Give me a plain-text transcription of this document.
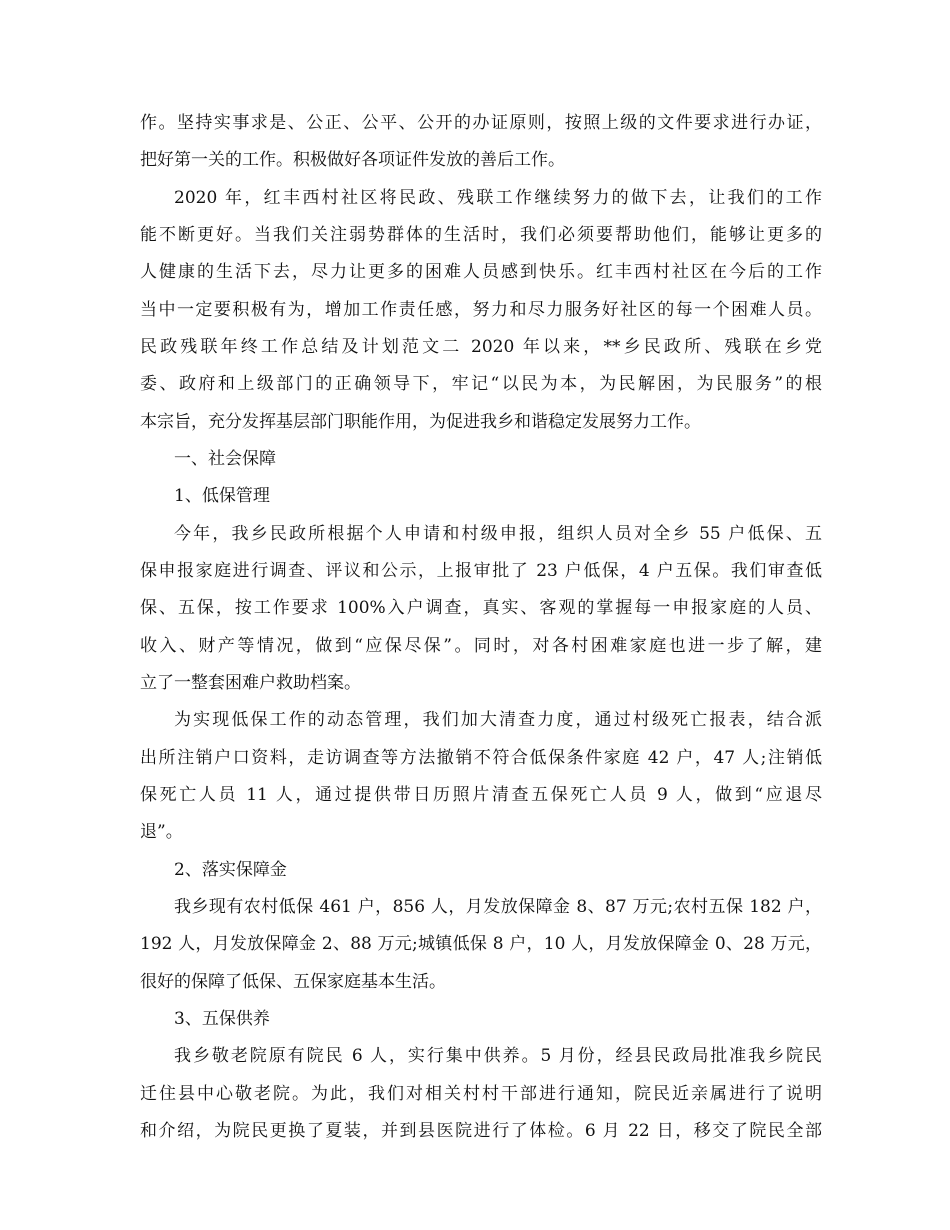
作。坚持实事求是、公正、公平、公开的办证原则，按照上级的文件要求进行办证，
把好第一关的工作。积极做好各项证件发放的善后工作。
2020 年，红丰西村社区将民政、残联工作继续努力的做下去，让我们的工作
能不断更好。当我们关注弱势群体的生活时，我们必须要帮助他们，能够让更多的
人健康的生活下去，尽力让更多的困难人员感到快乐。红丰西村社区在今后的工作
当中一定要积极有为，增加工作责任感，努力和尽力服务好社区的每一个困难人员。
民政残联年终工作总结及计划范文二 2020 年以来，**乡民政所、残联在乡党
委、政府和上级部门的正确领导下，牢记“以民为本，为民解困，为民服务”的根
本宗旨，充分发挥基层部门职能作用，为促进我乡和谐稳定发展努力工作。
一、社会保障
1、低保管理
今年，我乡民政所根据个人申请和村级申报，组织人员对全乡 55 户低保、五
保申报家庭进行调查、评议和公示，上报审批了 23 户低保，4 户五保。我们审查低
保、五保，按工作要求 100%入户调查，真实、客观的掌握每一申报家庭的人员、
收入、财产等情况，做到“应保尽保”。同时，对各村困难家庭也进一步了解，建
立了一整套困难户救助档案。
为实现低保工作的动态管理，我们加大清查力度，通过村级死亡报表，结合派
出所注销户口资料，走访调查等方法撤销不符合低保条件家庭 42 户，47 人;注销低
保死亡人员 11 人，通过提供带日历照片清查五保死亡人员 9 人，做到“应退尽
退”。
2、落实保障金
我乡现有农村低保 461 户，856 人，月发放保障金 8、87 万元;农村五保 182 户，
192 人，月发放保障金 2、88 万元;城镇低保 8 户，10 人，月发放保障金 0、28 万元，
很好的保障了低保、五保家庭基本生活。
3、五保供养
我乡敬老院原有院民 6 人，实行集中供养。5 月份，经县民政局批准我乡院民
迁住县中心敬老院。为此，我们对相关村村干部进行通知，院民近亲属进行了说明
和介绍，为院民更换了夏装，并到县医院进行了体检。6 月 22 日，移交了院民全部
